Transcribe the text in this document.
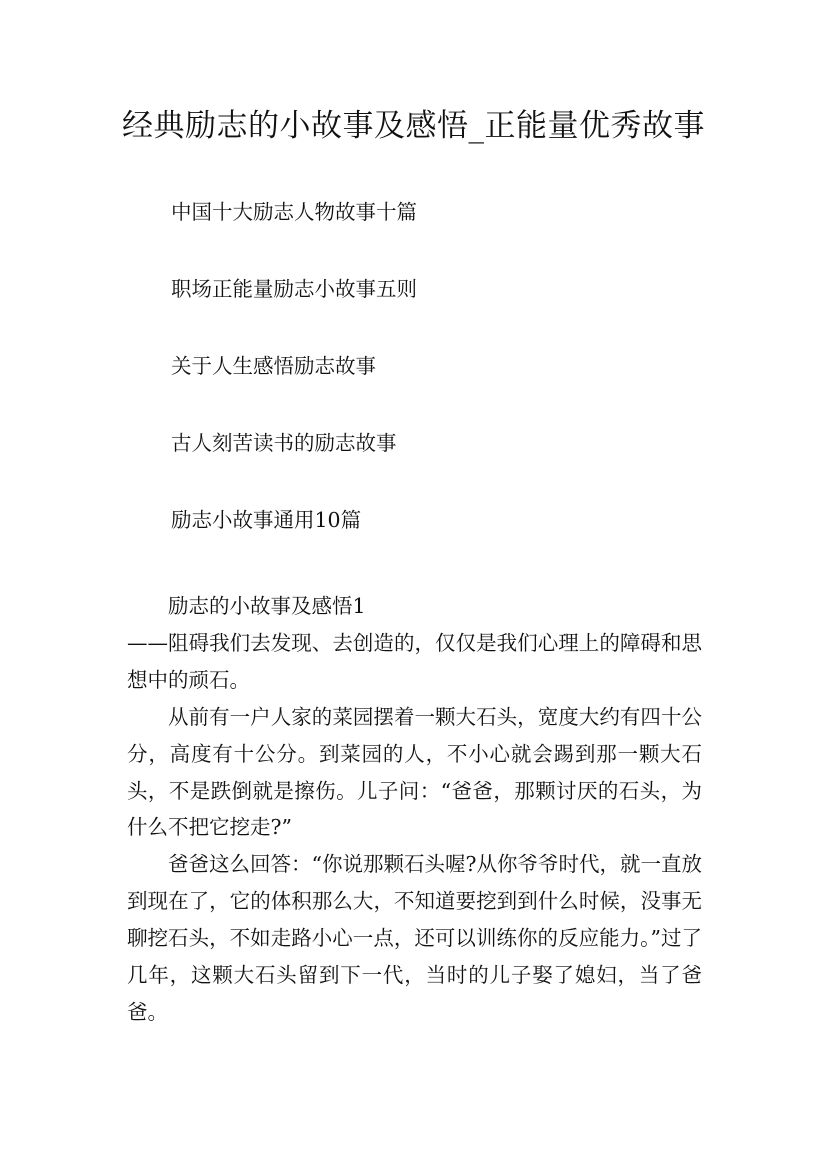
经典励志的小故事及感悟_正能量优秀故事
中国十大励志人物故事十篇
职场正能量励志小故事五则
关于人生感悟励志故事
古人刻苦读书的励志故事
励志小故事通用10篇

励志的小故事及感悟1

——阻碍我们去发现、去创造的，仅仅是我们心理上的障碍和思想中的顽石。

从前有一户人家的菜园摆着一颗大石头，宽度大约有四十公分，高度有十公分。到菜园的人，不小心就会踢到那一颗大石头，不是跌倒就是擦伤。儿子问：“爸爸，那颗讨厌的石头，为什么不把它挖走?”

爸爸这么回答：“你说那颗石头喔?从你爷爷时代，就一直放到现在了，它的体积那么大，不知道要挖到到什么时候，没事无聊挖石头，不如走路小心一点，还可以训练你的反应能力。”过了几年，这颗大石头留到下一代，当时的儿子娶了媳妇，当了爸爸。
